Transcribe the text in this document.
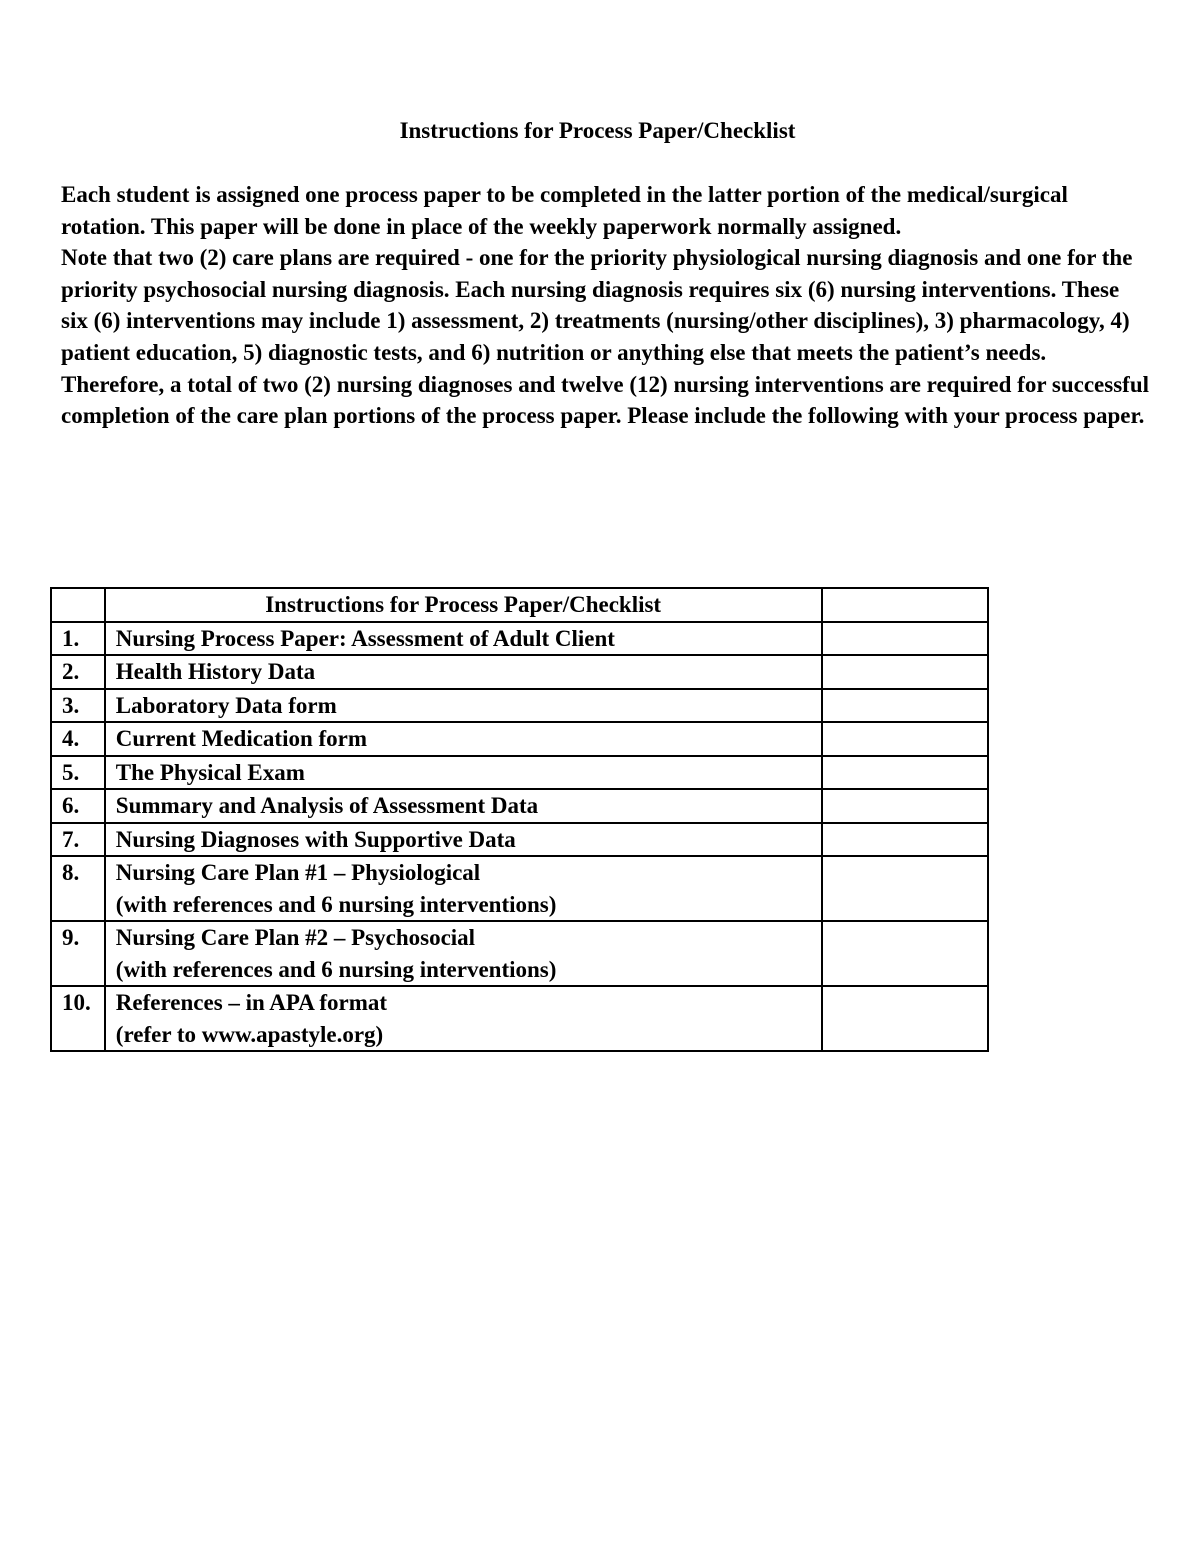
Instructions for Process Paper/Checklist

Each student is assigned one process paper to be completed in the latter portion of the medical/surgical rotation. This paper will be done in place of the weekly paperwork normally assigned.

Note that two (2) care plans are required - one for the priority physiological nursing diagnosis and one for the priority psychosocial nursing diagnosis. Each nursing diagnosis requires six (6) nursing interventions. These six (6) interventions may include 1) assessment, 2) treatments (nursing/other disciplines), 3) pharmacology, 4) patient education, 5) diagnostic tests, and 6) nutrition or anything else that meets the patient’s needs. Therefore, a total of two (2) nursing diagnoses and twelve (12) nursing interventions are required for successful completion of the care plan portions of the process paper. Please include the following with your process paper.

	Instructions for Process Paper/Checklist	
1.	Nursing Process Paper: Assessment of Adult Client	
2.	Health History Data	
3.	Laboratory Data form	
4.	Current Medication form	
5.	The Physical Exam	
6.	Summary and Analysis of Assessment Data	
7.	Nursing Diagnoses with Supportive Data	
8.	Nursing Care Plan #1 – Physiological
(with references and 6 nursing interventions)	

9.	Nursing Care Plan #2 – Psychosocial
(with references and 6 nursing interventions)	

10.	References – in APA format
(refer to www.apastyle.org)	
